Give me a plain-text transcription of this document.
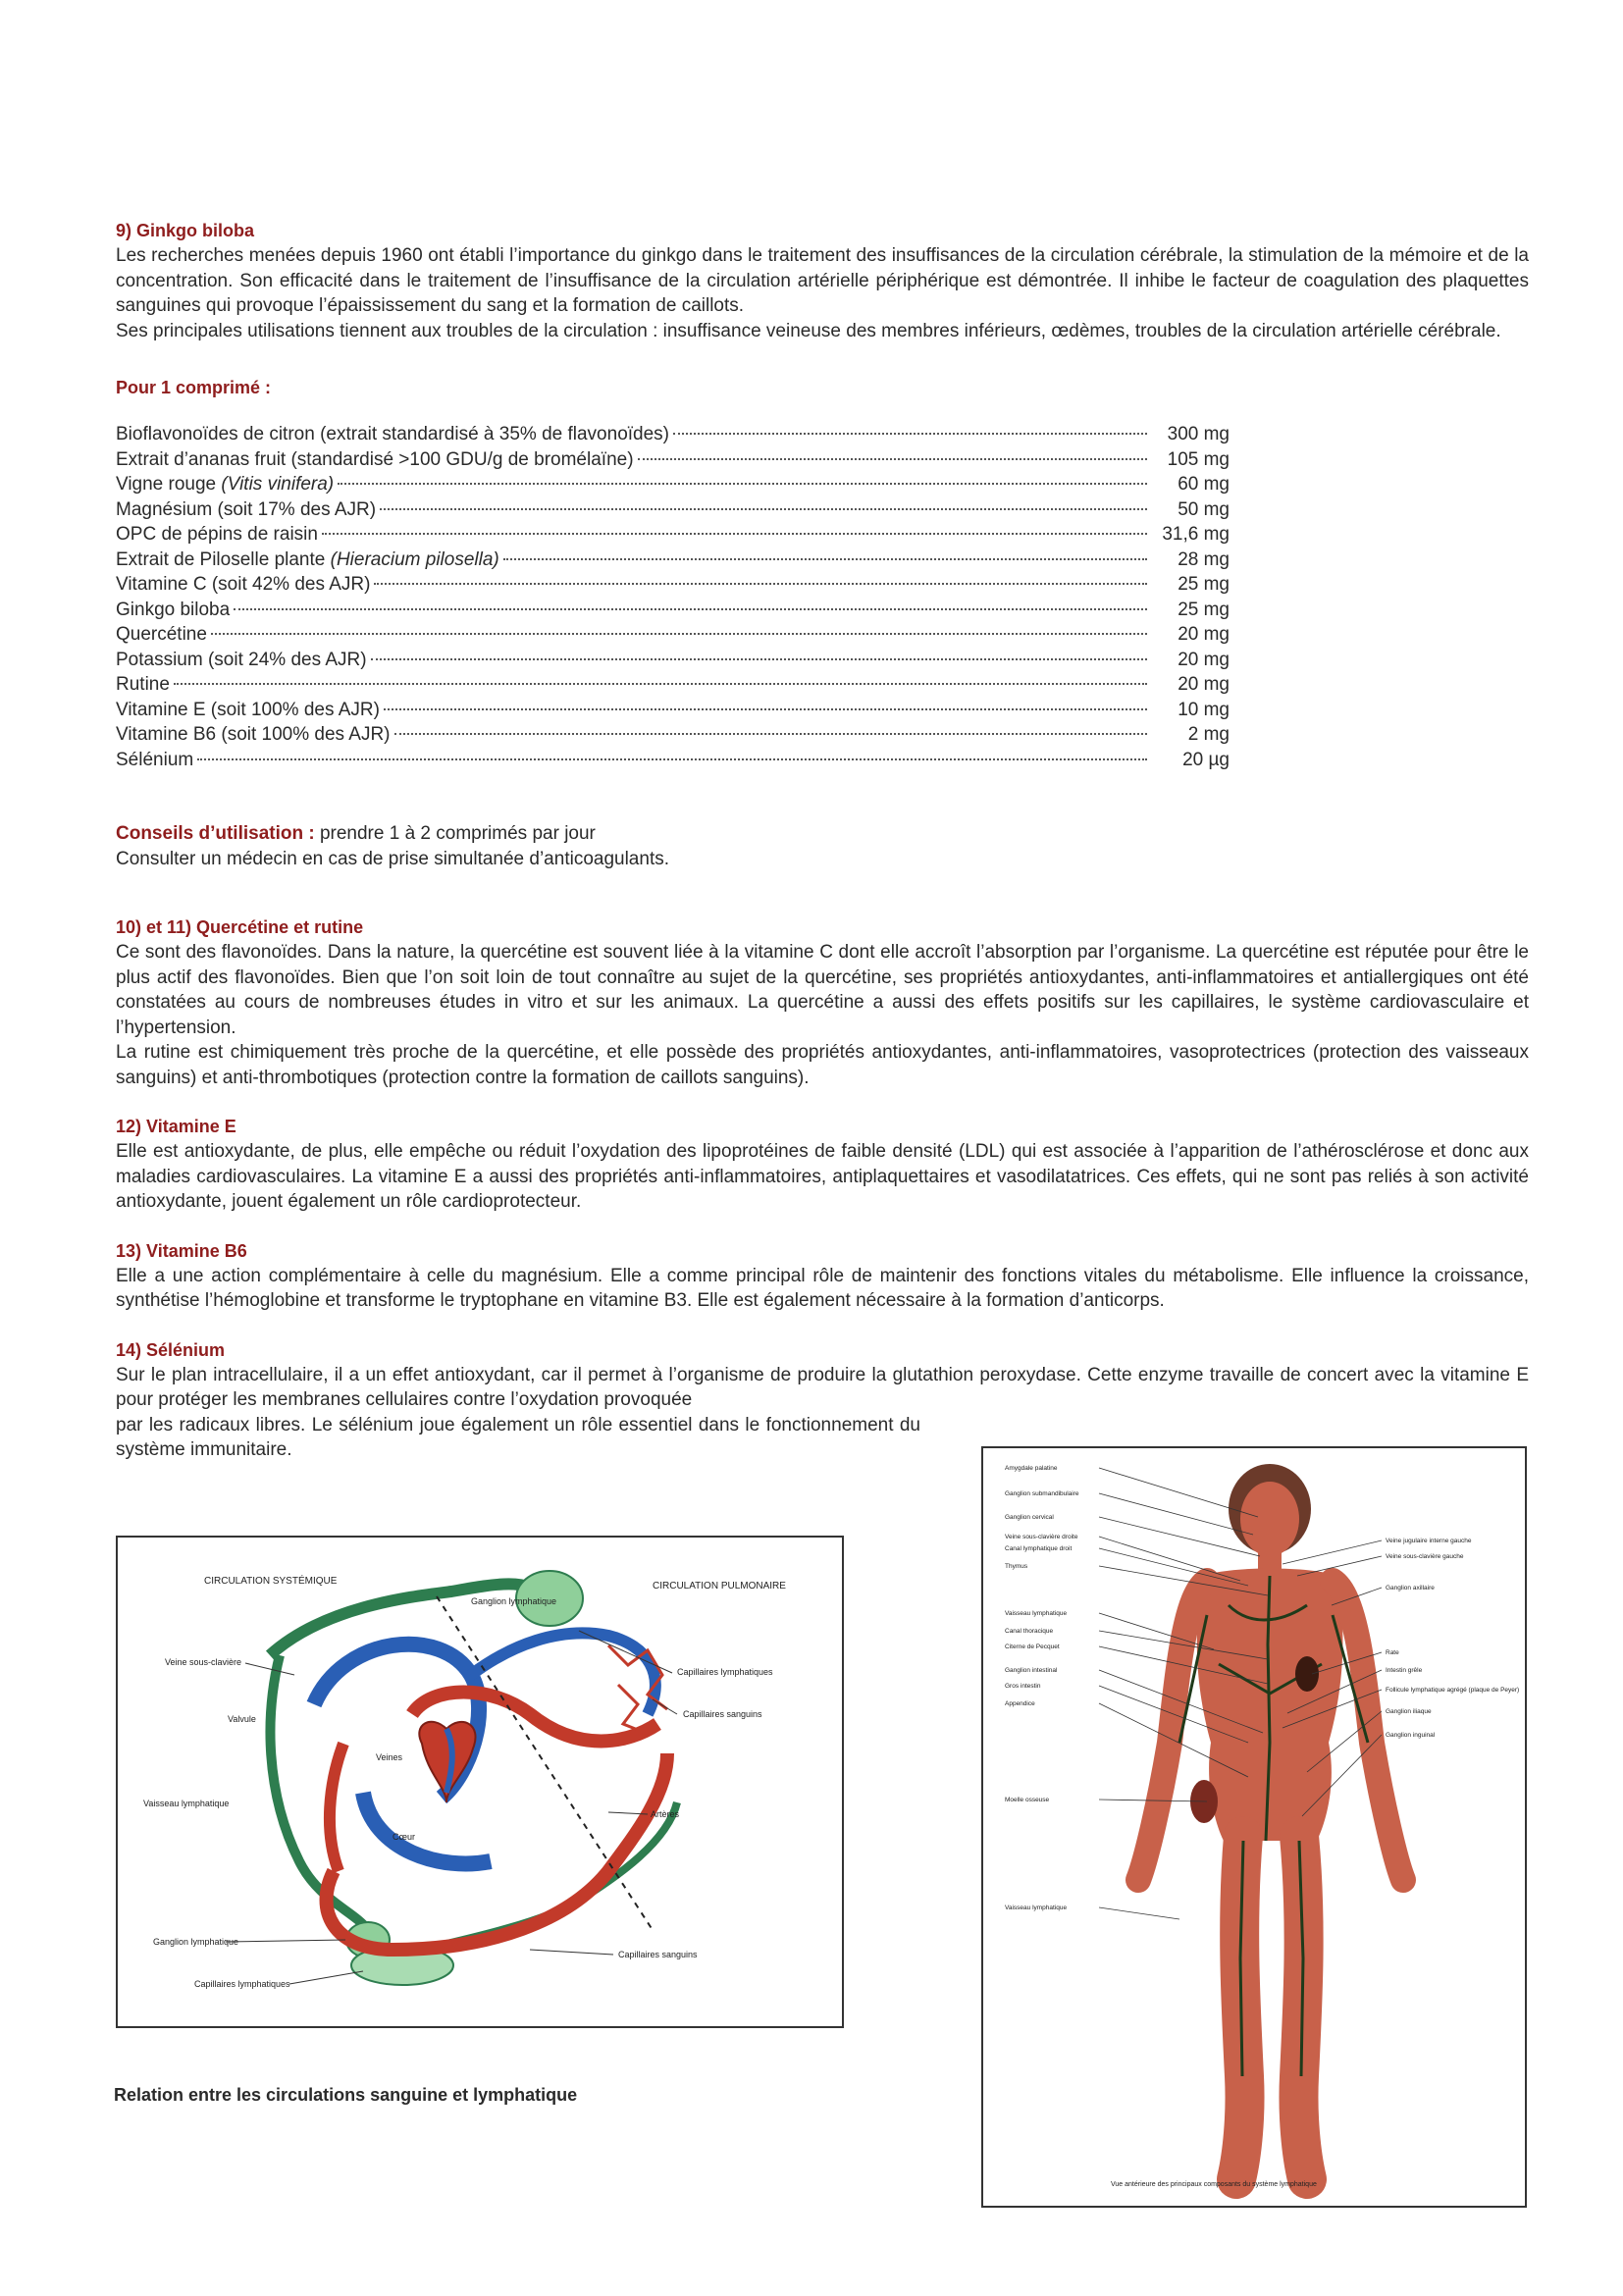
9) Ginkgo biloba

Les recherches menées depuis 1960 ont établi l’importance du ginkgo dans le traitement des insuffisances de la circulation cérébrale, la stimulation de la mémoire et de la concentration. Son efficacité dans le traitement de l’insuffisance de la circulation artérielle périphérique est démontrée. Il inhibe le facteur de coagulation des plaquettes sanguines qui provoque l’épaississement du sang et la formation de caillots.

Ses principales utilisations tiennent aux troubles de la circulation : insuffisance veineuse des membres inférieurs, œdèmes, troubles de la circulation artérielle cérébrale.

Pour 1 comprimé :
Bioflavonoïdes de citron (extrait standardisé à 35% de flavonoïdes)	300 mg
Extrait d’ananas fruit (standardisé >100 GDU/g de bromélaïne)	105 mg
Vigne rouge (Vitis vinifera)	60 mg
Magnésium (soit 17% des AJR)	50 mg
OPC de pépins de raisin	31,6 mg
Extrait de Piloselle plante (Hieracium pilosella)	28 mg
Vitamine C (soit 42% des AJR)	25 mg
Ginkgo biloba	25 mg
Quercétine	20 mg
Potassium (soit 24% des AJR)	20 mg
Rutine	20 mg
Vitamine E (soit 100% des AJR)	10 mg
Vitamine B6 (soit 100% des AJR)	2 mg
Sélénium	20 µg

Conseils d’utilisation : prendre 1 à 2 comprimés par jour

Consulter un médecin en cas de prise simultanée d’anticoagulants.

10) et 11) Quercétine et rutine

Ce sont des flavonoïdes. Dans la nature, la quercétine est souvent liée à la vitamine C dont elle accroît l’absorption par l’organisme. La quercétine est réputée pour être le plus actif des flavonoïdes. Bien que l’on soit loin de tout connaître au sujet de la quercétine, ses propriétés antioxydantes, anti-inflammatoires et antiallergiques ont été constatées au cours de nombreuses études in vitro et sur les animaux. La quercétine a aussi des effets positifs sur les capillaires, le système cardiovasculaire et l’hypertension.

La rutine est chimiquement très proche de la quercétine, et elle possède des propriétés antioxydantes, anti-inflammatoires, vasoprotectrices (protection des vaisseaux sanguins) et anti-thrombotiques (protection contre la formation de caillots sanguins).

12) Vitamine E

Elle est antioxydante, de plus, elle empêche ou réduit l’oxydation des lipoprotéines de faible densité (LDL) qui est associée à l’apparition de l’athérosclérose et donc aux maladies cardiovasculaires. La vitamine E a aussi des propriétés anti-inflammatoires, antiplaquettaires et vasodilatatrices. Ces effets, qui ne sont pas reliés à son activité antioxydante, jouent également un rôle cardioprotecteur.

13) Vitamine B6

Elle a une action complémentaire à celle du magnésium. Elle a comme principal rôle de maintenir des fonctions vitales du métabolisme. Elle influence la croissance, synthétise l’hémoglobine et transforme le tryptophane en vitamine B3. Elle est également nécessaire à la formation d’anticorps.

14) Sélénium

Sur le plan intracellulaire, il a un effet antioxydant, car il permet à l’organisme de produire la glutathion peroxydase. Cette enzyme travaille de concert avec la vitamine E pour protéger les membranes cellulaires contre l’oxydation provoquée

par les radicaux libres. Le sélénium joue également un rôle essentiel dans le fonctionnement du système immunitaire.

CIRCULATION SYSTÉMIQUE	CIRCULATION PULMONAIRE
Ganglion lymphatique
Veine sous-clavière
Capillaires lymphatiques
Valvule	Capillaires sanguins
Veines
Vaisseau lymphatique
Artères
Cœur
Ganglion lymphatique
Capillaires sanguins
Capillaires lymphatiques
Relation entre les circulations sanguine et lymphatique
Amygdale palatine
Ganglion submandibulaire
Ganglion cervical
Veine sous-clavière droite
Canal lymphatique droit
Thymus
Vaisseau lymphatique
Canal thoracique
Citerne de Pecquet
Ganglion intestinal
Gros intestin
Appendice
Moelle osseuse
Vaisseau lymphatique
Veine jugulaire interne gauche
Veine sous-clavière gauche
Ganglion axillaire
Rate
Intestin grêle
Follicule lymphatique agrégé (plaque de Peyer)
Ganglion iliaque
Ganglion inguinal
Vue antérieure des principaux composants du système lymphatique
